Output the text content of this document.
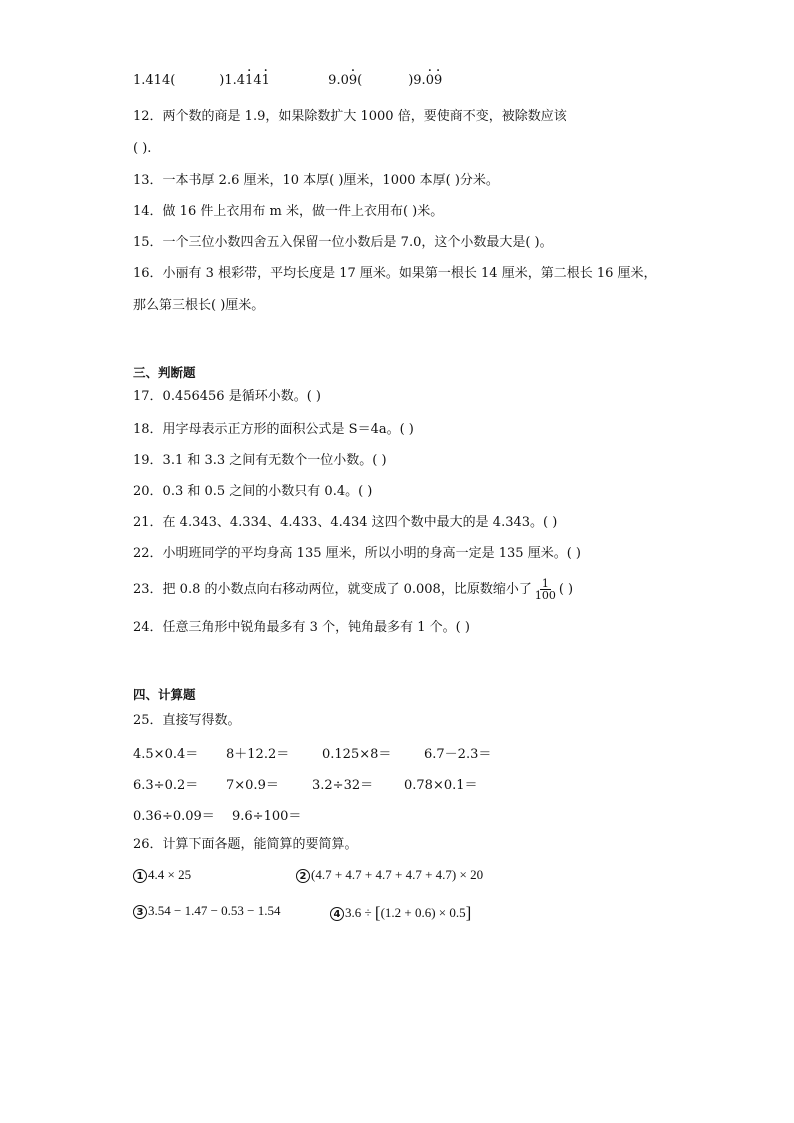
1.414(	)1.41 ·41 ·	9.09 ·(	)9.0 ·9 ·
12．两个数的商是 1.9，如果除数扩大 1000 倍，要使商不变，被除数应该
( ).
13．一本书厚 2.6 厘米，10 本厚( )厘米，1000 本厚( )分米。
14．做 16 件上衣用布 m 米，做一件上衣用布( )米。
15．一个三位小数四舍五入保留一位小数后是 7.0，这个小数最大是( )。
16．小丽有 3 根彩带，平均长度是 17 厘米。如果第一根长 14 厘米，第二根长 16 厘米，
那么第三根长( )厘米。
三、判断题
17．0.456456 是循环小数。( )
18．用字母表示正方形的面积公式是 S＝4a。( )
19．3.1 和 3.3 之间有无数个一位小数。( )
20．0.3 和 0.5 之间的小数只有 0.4。( )
21．在 4.343、4.334、4.433、4.434 这四个数中最大的是 4.343。( )
22．小明班同学的平均身高 135 厘米，所以小明的身高一定是 135 厘米。( )
23．把 0.8 的小数点向右移动两位，就变成了 0.008，比原数缩小了 $\frac{1}{100}$ ( )
24．任意三角形中锐角最多有 3 个，钝角最多有 1 个。( )
四、计算题
25．直接写得数。
4.5×0.4＝ 8＋12.2＝	0.125×8＝	6.7－2.3＝
6.3÷0.2＝ 7×0.9＝	3.2÷32＝ 0.78×0.1＝
0.36÷0.09＝ 9.6÷100＝
26．计算下面各题，能简算的要简算。
1 4.4 × 25	2 (4.7 + 4.7 + 4.7 + 4.7 + 4.7) × 20
3 3.54 − 1.47 − 0.53 − 1.54	4 3.6 ÷ [(1.2 + 0.6) × 0.5]
